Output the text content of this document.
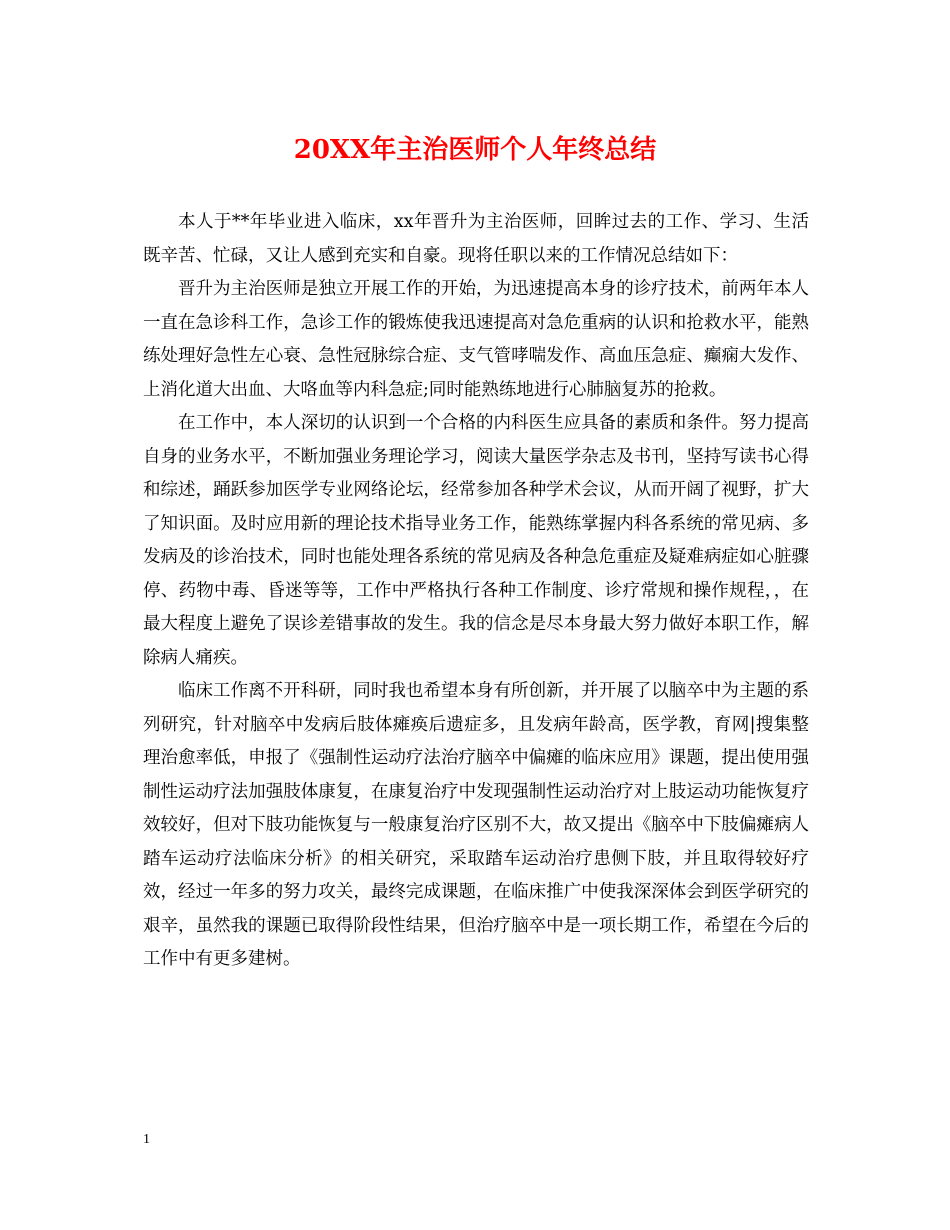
20XX年主治医师个人年终总结

本人于**年毕业进入临床，xx年晋升为主治医师，回眸过去的工作、学习、生活既辛苦、忙碌，又让人感到充实和自豪。现将任职以来的工作情况总结如下：

晋升为主治医师是独立开展工作的开始，为迅速提高本身的诊疗技术，前两年本人一直在急诊科工作，急诊工作的锻炼使我迅速提高对急危重病的认识和抢救水平，能熟练处理好急性左心衰、急性冠脉综合症、支气管哮喘发作、高血压急症、癫痫大发作、上消化道大出血、大咯血等内科急症;同时能熟练地进行心肺脑复苏的抢救。

在工作中，本人深切的认识到一个合格的内科医生应具备的素质和条件。努力提高自身的业务水平，不断加强业务理论学习，阅读大量医学杂志及书刊，坚持写读书心得和综述，踊跃参加医学专业网络论坛，经常参加各种学术会议，从而开阔了视野，扩大了知识面。及时应用新的理论技术指导业务工作，能熟练掌握内科各系统的常见病、多发病及的诊治技术，同时也能处理各系统的常见病及各种急危重症及疑难病症如心脏骤停、药物中毒、昏迷等等，工作中严格执行各种工作制度、诊疗常规和操作规程，，在最大程度上避免了误诊差错事故的发生。我的信念是尽本身最大努力做好本职工作，解除病人痛疾。

临床工作离不开科研，同时我也希望本身有所创新，并开展了以脑卒中为主题的系列研究，针对脑卒中发病后肢体瘫痪后遗症多，且发病年龄高，医学教，育网|搜集整理治愈率低，申报了《强制性运动疗法治疗脑卒中偏瘫的临床应用》课题，提出使用强制性运动疗法加强肢体康复，在康复治疗中发现强制性运动治疗对上肢运动功能恢复疗效较好，但对下肢功能恢复与一般康复治疗区别不大，故又提出《脑卒中下肢偏瘫病人踏车运动疗法临床分析》的相关研究，采取踏车运动治疗患侧下肢，并且取得较好疗效，经过一年多的努力攻关，最终完成课题，在临床推广中使我深深体会到医学研究的艰辛，虽然我的课题已取得阶段性结果，但治疗脑卒中是一项长期工作，希望在今后的工作中有更多建树。

1
